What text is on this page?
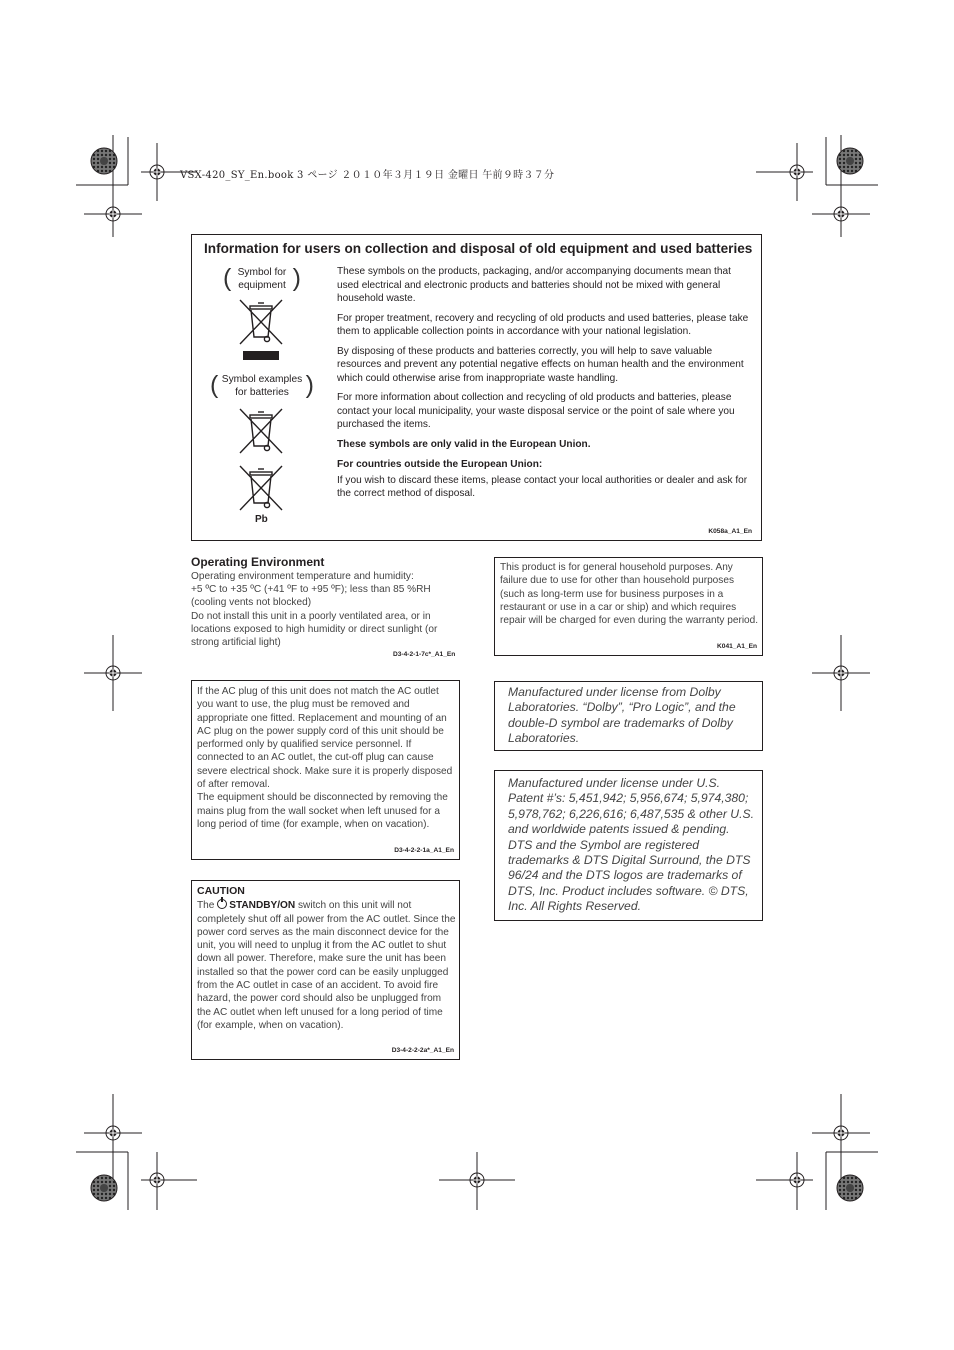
VSX-420_SY_En.book 3 ページ ２０１０年３月１９日 金曜日 午前９時３７分
Information for users on collection and disposal of old equipment and used batteries
( Symbol for
equipment )
( Symbol examples
for batteries )
Pb

These symbols on the products, packaging, and/or accompanying documents mean that used electrical and electronic products and batteries should not be mixed with general household waste.

For proper treatment, recovery and recycling of old products and used batteries, please take them to applicable collection points in accordance with your national legislation.

By disposing of these products and batteries correctly, you will help to save valuable resources and prevent any potential negative effects on human health and the environment which could otherwise arise from inappropriate waste handling.

For more information about collection and recycling of old products and batteries, please contact your local municipality, your waste disposal service or the point of sale where you purchased the items.

These symbols are only valid in the European Union.

For countries outside the European Union:

If you wish to discard these items, please contact your local authorities or dealer and ask for the correct method of disposal.

K058a_A1_En
Operating Environment
Operating environment temperature and humidity:
+5 ºC to +35 ºC (+41 ºF to +95 ºF); less than 85 %RH
(cooling vents not blocked)
Do not install this unit in a poorly ventilated area, or in
locations exposed to high humidity or direct sunlight (or
strong artificial light)
D3-4-2-1-7c*_A1_En
This product is for general household purposes. Any failure due to use for other than household purposes (such as long-term use for business purposes in a restaurant or use in a car or ship) and which requires repair will be charged for even during the warranty period.
K041_A1_En
If the AC plug of this unit does not match the AC outlet you want to use, the plug must be removed and appropriate one fitted. Replacement and mounting of an AC plug on the power supply cord of this unit should be performed only by qualified service personnel. If connected to an AC outlet, the cut-off plug can cause severe electrical shock. Make sure it is properly disposed of after removal.
The equipment should be disconnected by removing the mains plug from the wall socket when left unused for a long period of time (for example, when on vacation).
D3-4-2-2-1a_A1_En
CAUTION
The STANDBY/ON switch on this unit will not completely shut off all power from the AC outlet. Since the power cord serves as the main disconnect device for the unit, you will need to unplug it from the AC outlet to shut down all power. Therefore, make sure the unit has been installed so that the power cord can be easily unplugged from the AC outlet in case of an accident. To avoid fire hazard, the power cord should also be unplugged from the AC outlet when left unused for a long period of time (for example, when on vacation).
D3-4-2-2-2a*_A1_En
Manufactured under license from Dolby Laboratories. “Dolby”, “Pro Logic”, and the double-D symbol are trademarks of Dolby Laboratories.
Manufactured under license under U.S. Patent #’s: 5,451,942; 5,956,674; 5,974,380; 5,978,762; 6,226,616; 6,487,535 & other U.S. and worldwide patents issued & pending. DTS and the Symbol are registered trademarks & DTS Digital Surround, the DTS 96/24 and the DTS logos are trademarks of DTS, Inc. Product includes software. © DTS, Inc. All Rights Reserved.
